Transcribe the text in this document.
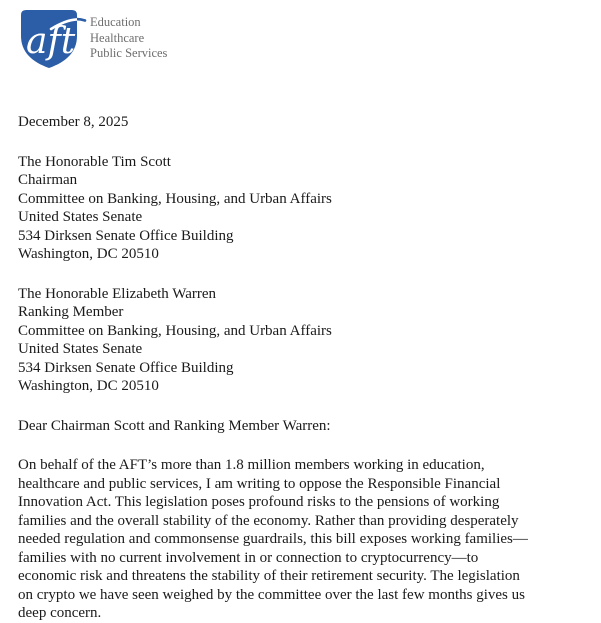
aft Education
Healthcare
Public Services
December 8, 2025
The Honorable Tim Scott
Chairman
Committee on Banking, Housing, and Urban Affairs
United States Senate
534 Dirksen Senate Office Building
Washington, DC 20510
The Honorable Elizabeth Warren
Ranking Member
Committee on Banking, Housing, and Urban Affairs
United States Senate
534 Dirksen Senate Office Building
Washington, DC 20510
Dear Chairman Scott and Ranking Member Warren:
On behalf of the AFT’s more than 1.8 million members working in education,
healthcare and public services, I am writing to oppose the Responsible Financial
Innovation Act. This legislation poses profound risks to the pensions of working
families and the overall stability of the economy. Rather than providing desperately
needed regulation and commonsense guardrails, this bill exposes working families—
families with no current involvement in or connection to cryptocurrency—to
economic risk and threatens the stability of their retirement security. The legislation
on crypto we have seen weighed by the committee over the last few months gives us
deep concern.
